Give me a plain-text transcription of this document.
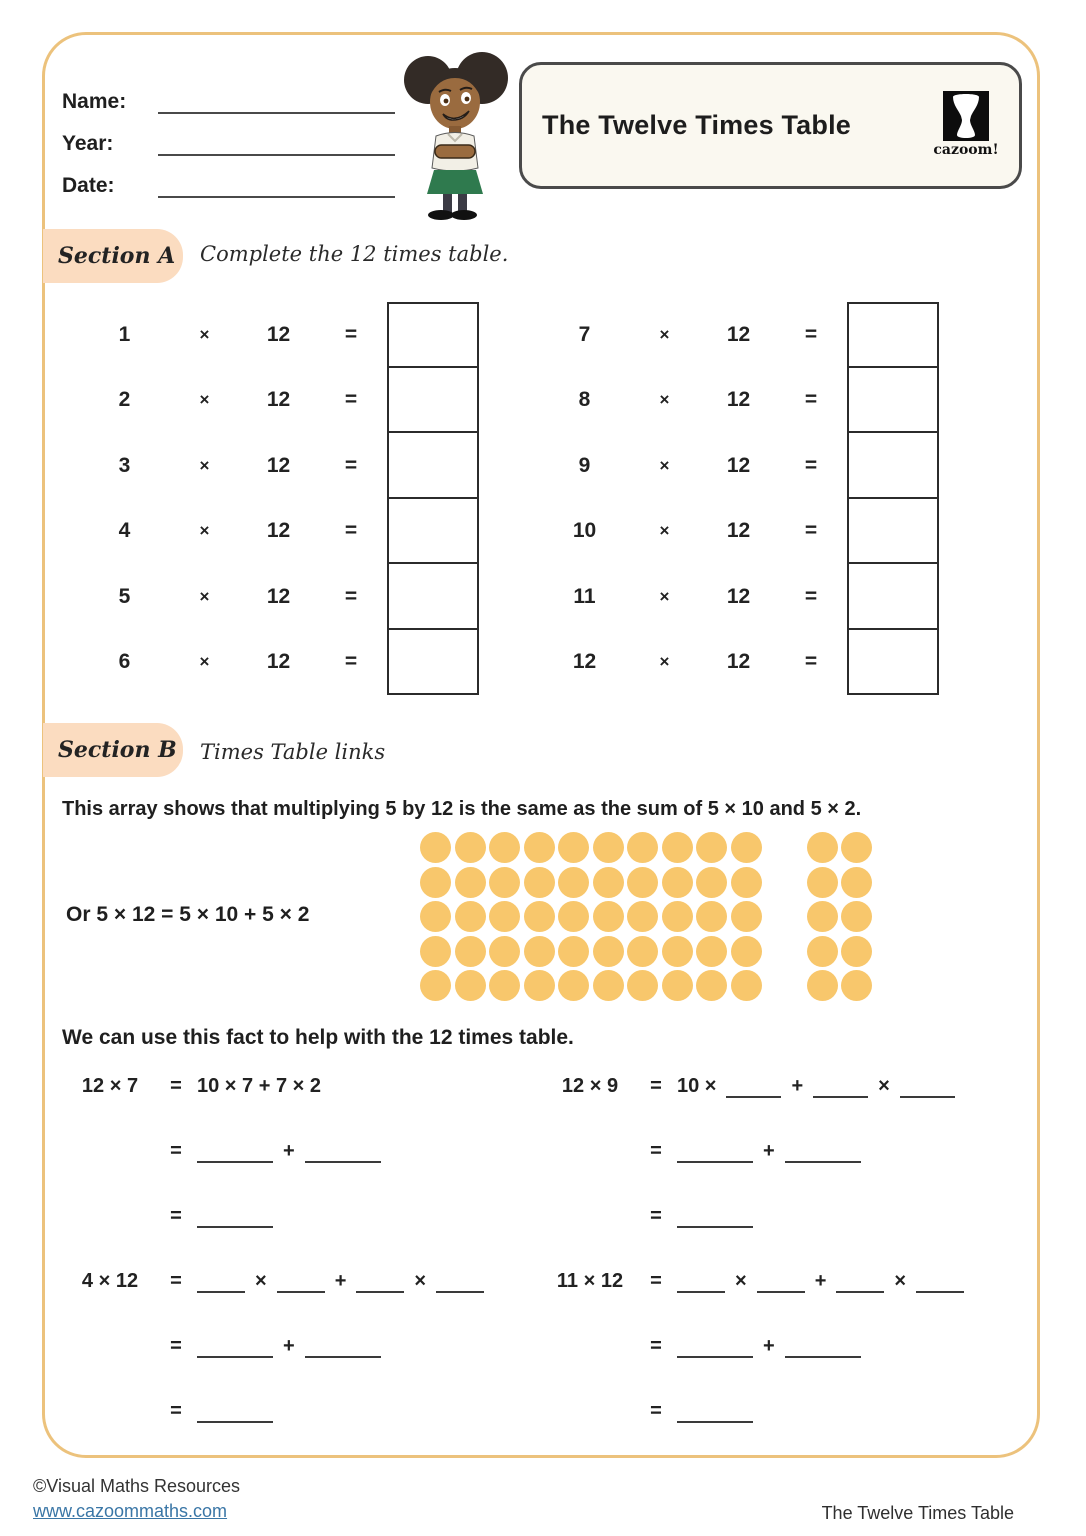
Name:
Year:
Date:
The Twelve Times Table
cazoom!
Section A Complete the 12 times table.
1	×	12	=
2	×	12	=
3	×	12	=
4	×	12	=
5	×	12	=
6	×	12	=
7	×	12	=
8	×	12	=
9	×	12	=
10	×	12	=
11	×	12	=
12	×	12	=
Section B Times Table links

This array shows that multiplying 5 by 12 is the same as the sum of 5 × 10 and 5 × 2.

Or 5 × 12 = 5 × 10 + 5 × 2

We can use this fact to help with the 12 times table.

12 × 7	= 10 × 7 + 7 × 2
=	+
=
4 × 12	=	×	+	×
=	+
=
12 × 9	= 10 ×	+	×
=	+
=
11 × 12	=	×	+	×
=	+
=
©Visual Maths Resources
www.cazoommaths.com	The Twelve Times Table
